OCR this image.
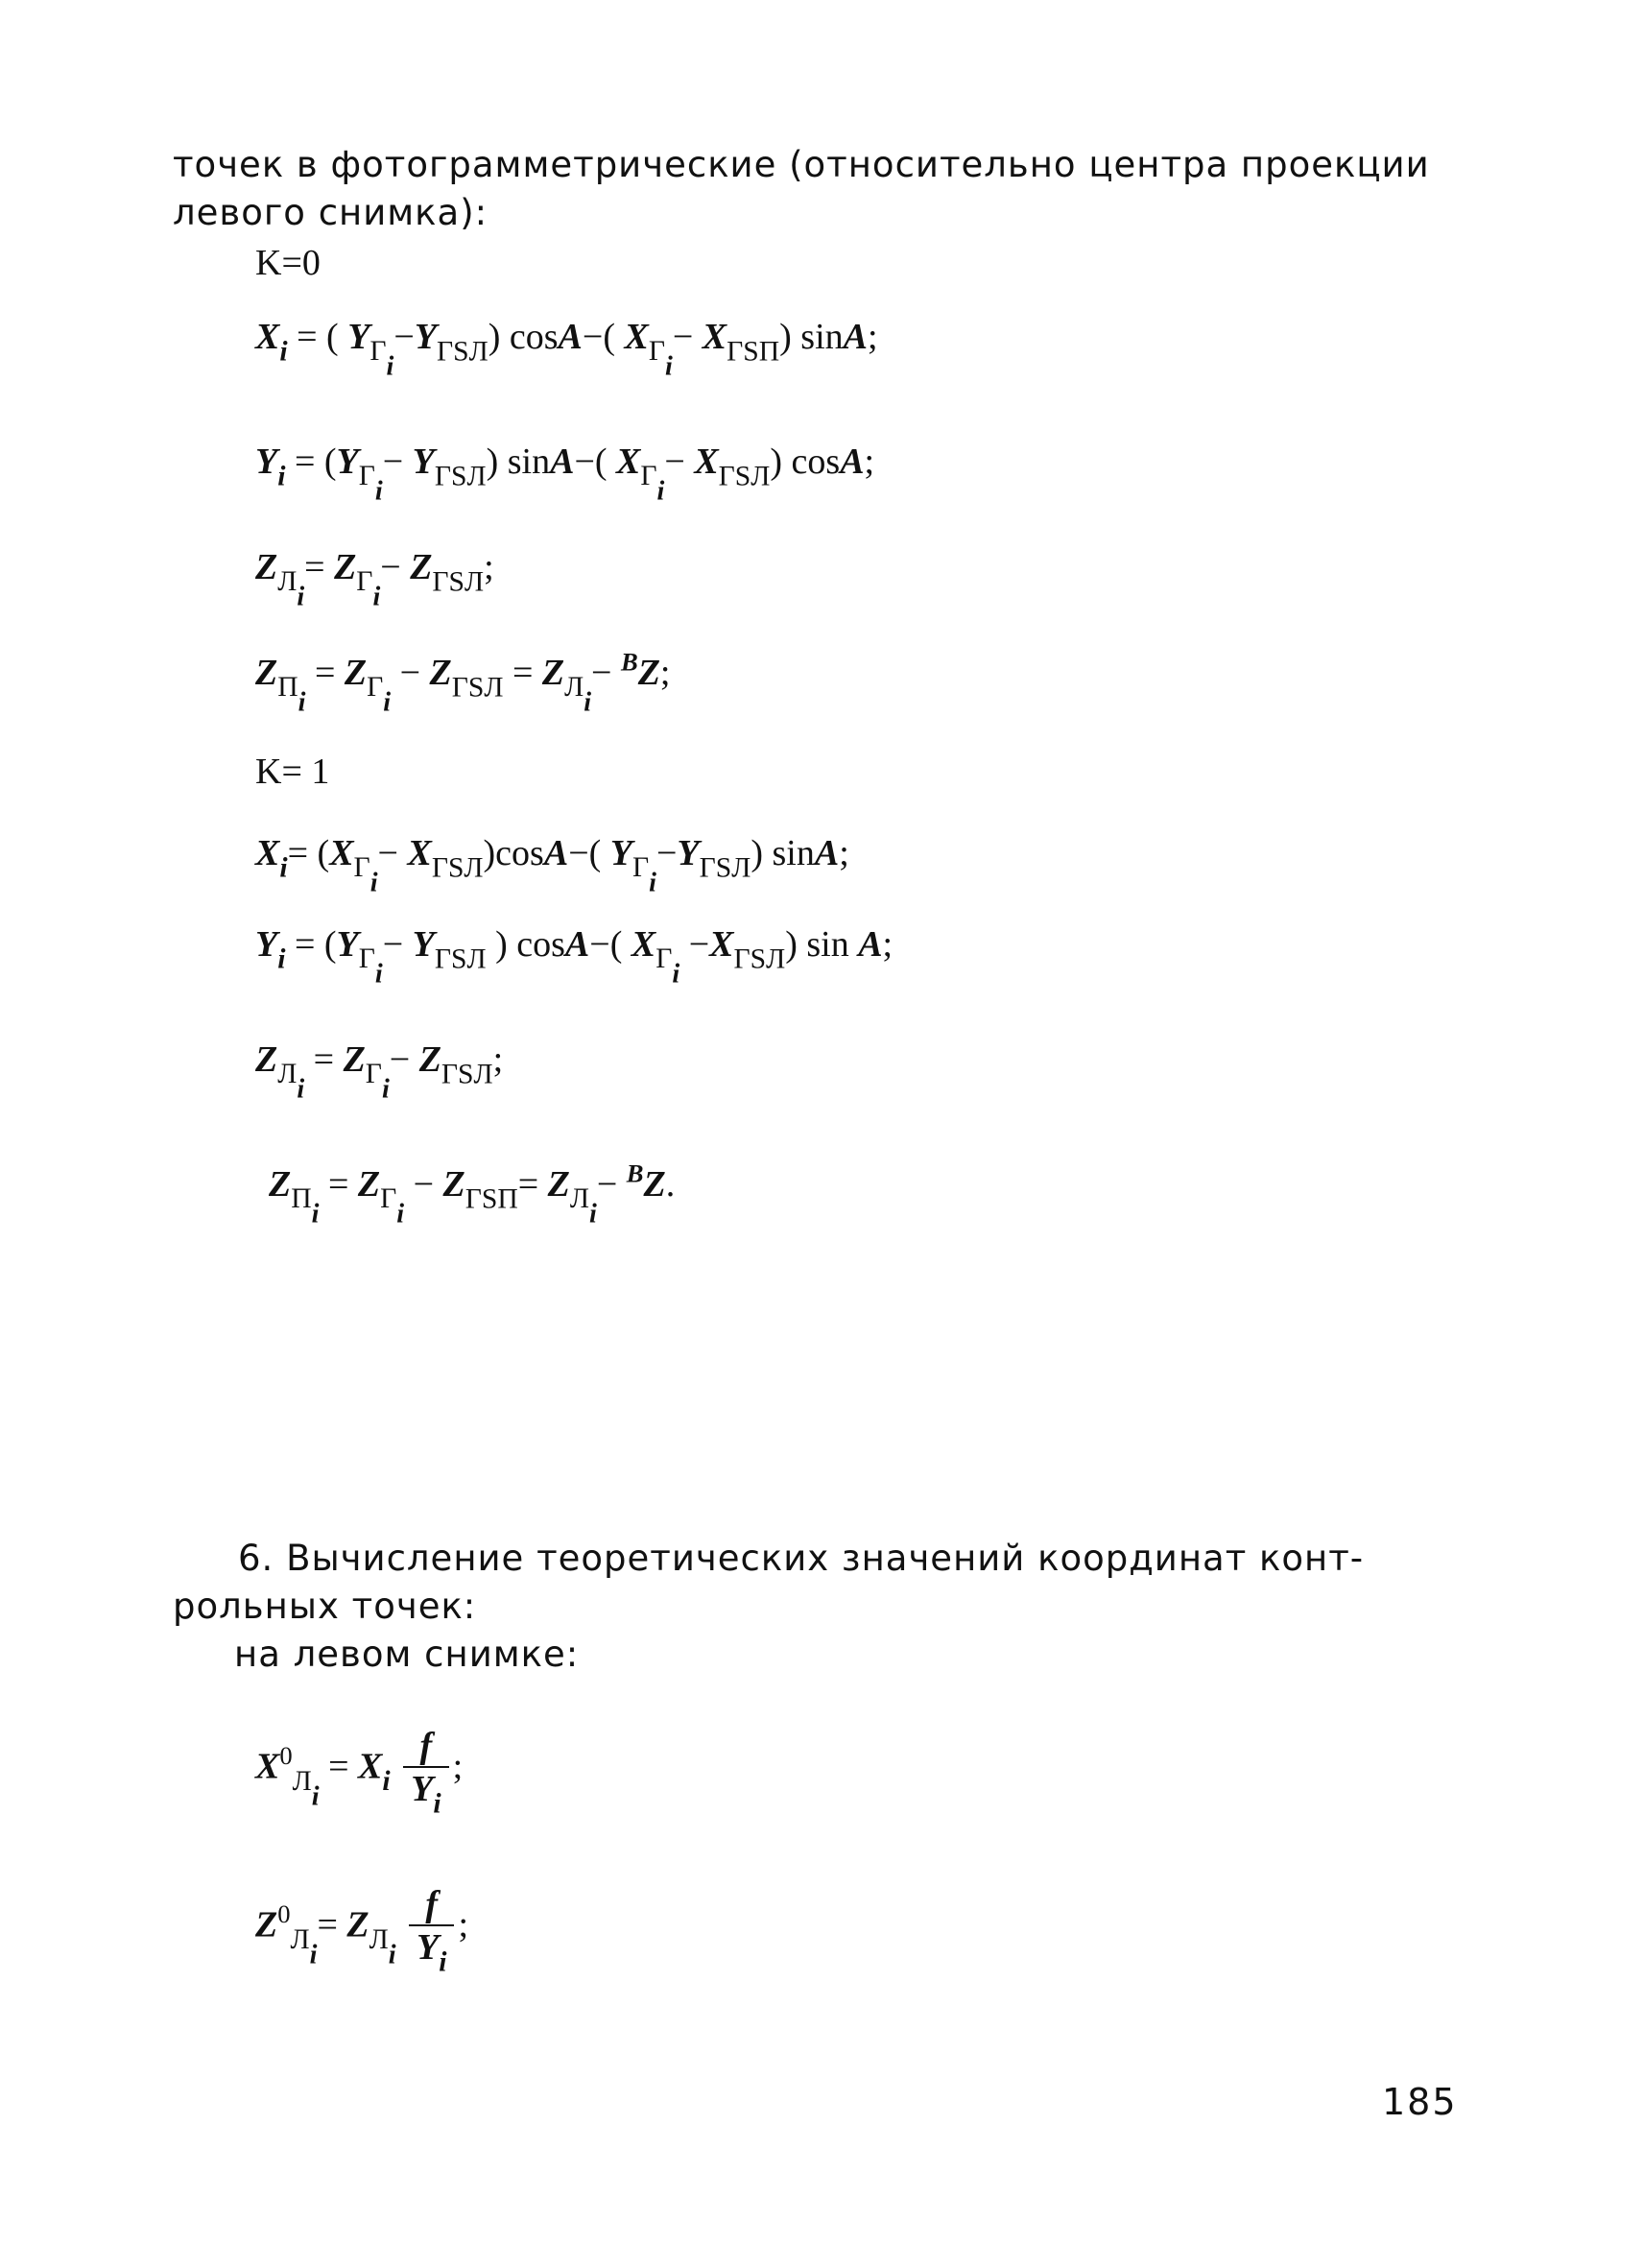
точек в фотограмметрические (относительно центра проекции
левого снимка):
K=0
$X_i$ = ( $Y_{\Gamma_i}-Y_{\Gamma SЛ}$) cosA−( $X_{\Gamma_i}- X_{\Gamma SП}$) sinA;
$Y_i = (Y_{\Gamma_i}- Y_{\Gamma SЛ})$ sinA−( $X_{\Gamma_i}- X_{\Gamma SЛ}$) cosA;
$Z_{Л_i}= Z_{\Gamma_i}- Z_{\Gamma SЛ}$;
$Z_{П_i} = Z_{\Gamma_i} - Z_{\Gamma SЛ} = Z_{Л_i}- ^BZ$;
K= 1
$X_i= (X_{\Gamma_i}- X_{\Gamma SЛ})\cos A-$( $Y_{\Gamma_i}-Y_{\Gamma SЛ}$) sinA;
$Y_i = (Y_{\Gamma_i}- Y_{\Gamma SЛ}$ ) cosA−( $X_{\Gamma_i} -X_{\Gamma SЛ}$) sin A;
$Z_{Л_i} = Z_{\Gamma_i}- Z_{\Gamma SЛ}$;
$Z_{П_i} = Z_{\Gamma_i} - Z_{\Gamma SП}= Z_{Л_i}- ^BZ$.
6. Вычисление теоретических значений координат конт-
рольных точек:
на левом снимке:
$X^0_{Л_i} = X_i \frac{f}{Y_i}$ ;
$Z^0_{Л_i}= Z_{Л_i} \frac{f}{Y_i}$ ;
185
